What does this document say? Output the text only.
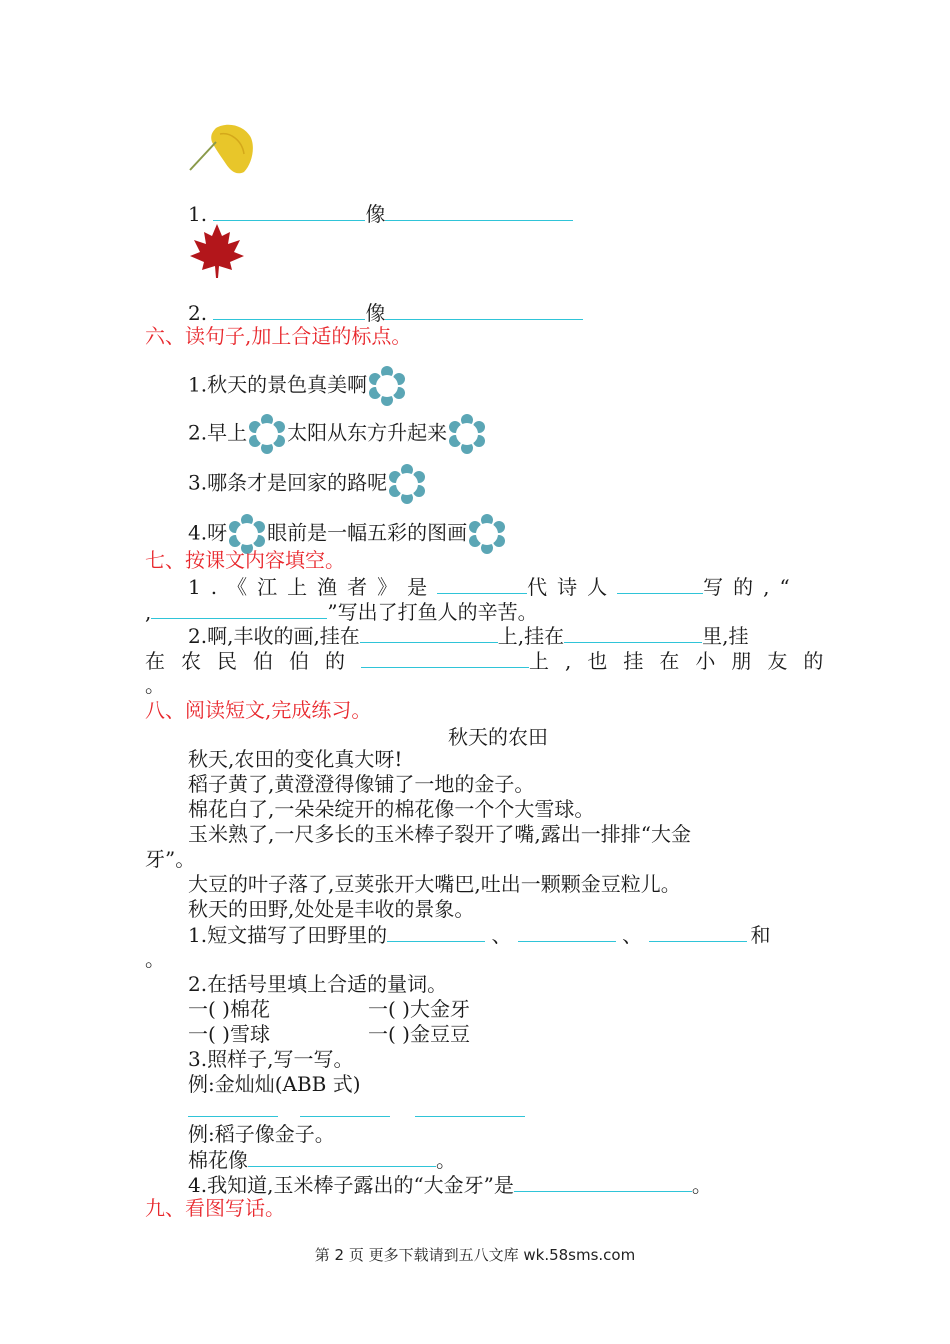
1.	像
2.	像
六、读句子,加上合适的标点。
1.秋天的景色真美啊
2.早上 太阳从东方升起来
3.哪条才是回家的路呢
4.呀 眼前是一幅五彩的图画
七、按课文内容填空。
1.《江上渔者》是	代诗人	写的,“
,	”写出了打鱼人的辛苦。
2.啊,丰收的画,挂在	上,挂在	里,挂
在农民伯伯的	上,也挂在小朋友的
。
八、阅读短文,完成练习。
秋天的农田
秋天,农田的变化真大呀!
稻子黄了,黄澄澄得像铺了一地的金子。
棉花白了,一朵朵绽开的棉花像一个个大雪球。
玉米熟了,一尺多长的玉米棒子裂开了嘴,露出一排排“大金
牙”。
大豆的叶子落了,豆荚张开大嘴巴,吐出一颗颗金豆粒儿。
秋天的田野,处处是丰收的景象。
1.短文描写了田野里的	、	、	和
。
2.在括号里填上合适的量词。
一( )棉花	一( )大金牙
一( )雪球	一( )金豆豆
3.照样子,写一写。
例:金灿灿(ABB 式)

例:稻子像金子。
棉花像	。
4.我知道,玉米棒子露出的“大金牙”是	。
九、看图写话。
第 2 页 更多下载请到五八文库 wk.58sms.com
